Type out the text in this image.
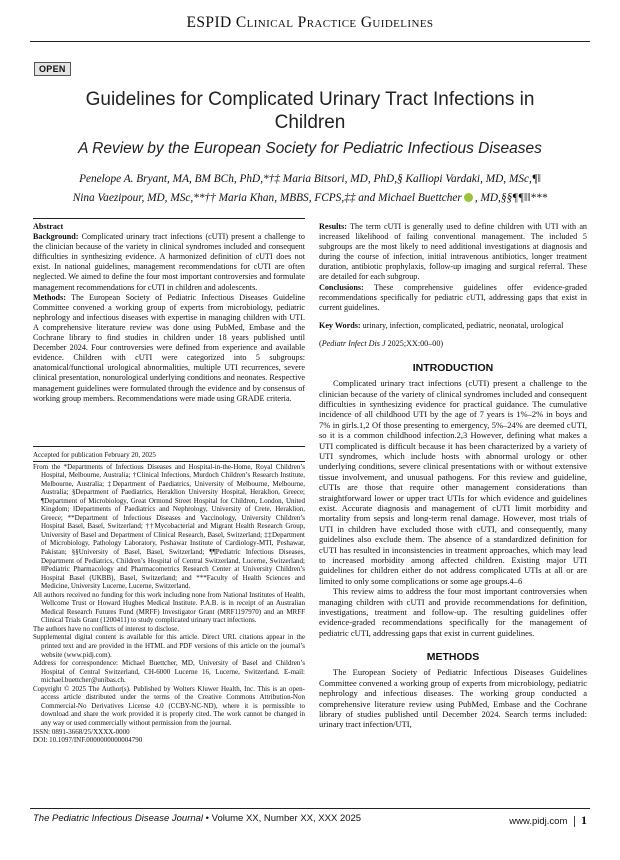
ESPID Clinical Practice Guidelines
OPEN
Guidelines for Complicated Urinary Tract Infections in Children
A Review by the European Society for Pediatric Infectious Diseases
Penelope A. Bryant, MA, BM BCh, PhD,*†‡ Maria Bitsori, MD, PhD,§ Kalliopi Vardaki, MD, MSc,¶‖
Nina Vaezipour, MD, MSc,**†† Maria Khan, MBBS, FCPS,‡‡ and Michael Buettcher , MD,§§¶¶‖‖***

Abstract

Background: Complicated urinary tract infections (cUTI) present a challenge to the clinician because of the variety in clinical syndromes included and consequent difficulties in synthesizing evidence. A harmonized definition of cUTI does not exist. In national guidelines, management recommendations for cUTI are often neglected. We aimed to define the four most important controversies and formulate management recommendations for cUTI in children and adolescents.

Methods: The European Society of Pediatric Infectious Diseases Guideline Committee convened a working group of experts from microbiology, pediatric nephrology and infectious diseases with expertise in managing children with UTI. A comprehensive literature review was done using PubMed, Embase and the Cochrane library to find studies in children under 18 years published until December 2024. Four controversies were defined from experience and available evidence. Children with cUTI were categorized into 5 subgroups: anatomical/functional urological abnormalities, multiple UTI recurrences, severe clinical presentation, nonurological underlying conditions and neonates. Respective management guidelines were formulated through the evidence and by consensus of working group members. Recommendations were made using GRADE criteria.

Accepted for publication February 20, 2025

From the *Departments of Infectious Diseases and Hospital-in-the-Home, Royal Children’s Hospital, Melbourne, Australia; †Clinical Infections, Murdoch Children’s Research Institute, Melbourne, Australia; ‡Department of Paediatrics, University of Melbourne, Melbourne, Australia; §Department of Paediatrics, Heraklion University Hospital, Heraklion, Greece; ¶Department of Microbiology, Great Ormond Street Hospital for Children, London, United Kingdom; ‖Departments of Paediatrics and Nephrology, University of Crete, Heraklion, Greece; **Department of Infectious Diseases and Vaccinology, University Children’s Hospital Basel, Basel, Switzerland; ††Mycobacterial and Migrant Health Research Group, University of Basel and Department of Clinical Research, Basel, Switzerland; ‡‡Department of Microbiology, Pathology Laboratory, Peshawar Institute of Cardiology-MTI, Peshawar, Pakistan; §§University of Basel, Basel, Switzerland; ¶¶Pediatric Infectious Diseases, Department of Pediatrics, Children’s Hospital of Central Switzerland, Lucerne, Switzerland; ‖‖Pediatric Pharmacology and Pharmacometrics Research Center at University Children’s Hospital Basel (UKBB), Basel, Switzerland; and ***Faculty of Health Sciences and Medicine, University Lucerne, Lucerne, Switzerland.

All authors received no funding for this work including none from National Institutes of Health, Wellcome Trust or Howard Hughes Medical Institute. P.A.B. is in receipt of an Australian Medical Research Futures Fund (MRFF) Investigator Grant (MRF1197970) and an MRFF Clinical Trials Grant (1200411) to study complicated urinary tract infections.

The authors have no conflicts of interest to disclose.

Supplemental digital content is available for this article. Direct URL citations appear in the printed text and are provided in the HTML and PDF versions of this article on the journal’s website (www.pidj.com).

Address for correspondence: Michael Buettcher, MD, University of Basel and Children’s Hospital of Central Switzerland, CH-6000 Lucerne 16, Lucerne, Switzerland. E-mail: michael.buettcher@unibas.ch.

Copyright © 2025 The Author(s). Published by Wolters Kluwer Health, Inc. This is an open-access article distributed under the terms of the Creative Commons Attribution-Non Commercial-No Derivatives License 4.0 (CCBY-NC-ND), where it is permissible to download and share the work provided it is properly cited. The work cannot be changed in any way or used commercially without permission from the journal.

ISSN: 0891-3668/25/XXXX-0000

DOI: 10.1097/INF.0000000000004790

Results: The term cUTI is generally used to define children with UTI with an increased likelihood of failing conventional management. The included 5 subgroups are the most likely to need additional investigations at diagnosis and during the course of infection, initial intravenous antibiotics, longer treatment duration, antibiotic prophylaxis, follow-up imaging and surgical referral. These are detailed for each subgroup.

Conclusions: These comprehensive guidelines offer evidence-graded recommendations specifically for pediatric cUTI, addressing gaps that exist in current guidelines.

Key Words: urinary, infection, complicated, pediatric, neonatal, urological

(Pediatr Infect Dis J 2025;XX:00–00)

INTRODUCTION

Complicated urinary tract infections (cUTI) present a challenge to the clinician because of the variety of clinical syndromes included and consequent difficulties in synthesizing evidence for practical guidance. The cumulative incidence of all childhood UTI by the age of 7 years is 1%–2% in boys and 7% in girls.1,2 Of those presenting to emergency, 5%–24% are deemed cUTI, so it is a common childhood infection.2,3 However, defining what makes a UTI complicated is difficult because it has been characterized by a variety of UTI syndromes, which include hosts with abnormal urology or other underlying conditions, severe clinical presentations with or without extensive tissue involvement, and unusual pathogens. For this review and guideline, cUTIs are those that require other management considerations than straightforward lower or upper tract UTIs for which evidence and guidelines exist. Accurate diagnosis and management of cUTI limit morbidity and mortality from sepsis and long-term renal damage. However, most trials of UTI in children have excluded those with cUTI, and consequently, many guidelines also exclude them. The absence of a standardized definition for cUTI has resulted in inconsistencies in treatment approaches, which may lead to increased morbidity among affected children. Existing major UTI guidelines for children either do not address complicated UTIs at all or are limited to only some complications or some age groups.4–6

This review aims to address the four most important controversies when managing children with cUTI and provide recommendations for definition, investigations, treatment and follow-up. The resulting guidelines offer evidence-graded recommendations specifically for the management of pediatric cUTI, addressing gaps that exist in current guidelines.

METHODS

The European Society of Pediatric Infectious Diseases Guidelines Committee convened a working group of experts from microbiology, pediatric nephrology and infectious diseases. The working group conducted a comprehensive literature review using PubMed, Embase and the Cochrane library of studies published until December 2024. Search terms included: urinary tract infection/UTI,

The Pediatric Infectious Disease Journal • Volume XX, Number XX, XXX 2025	www.pidj.com 1
